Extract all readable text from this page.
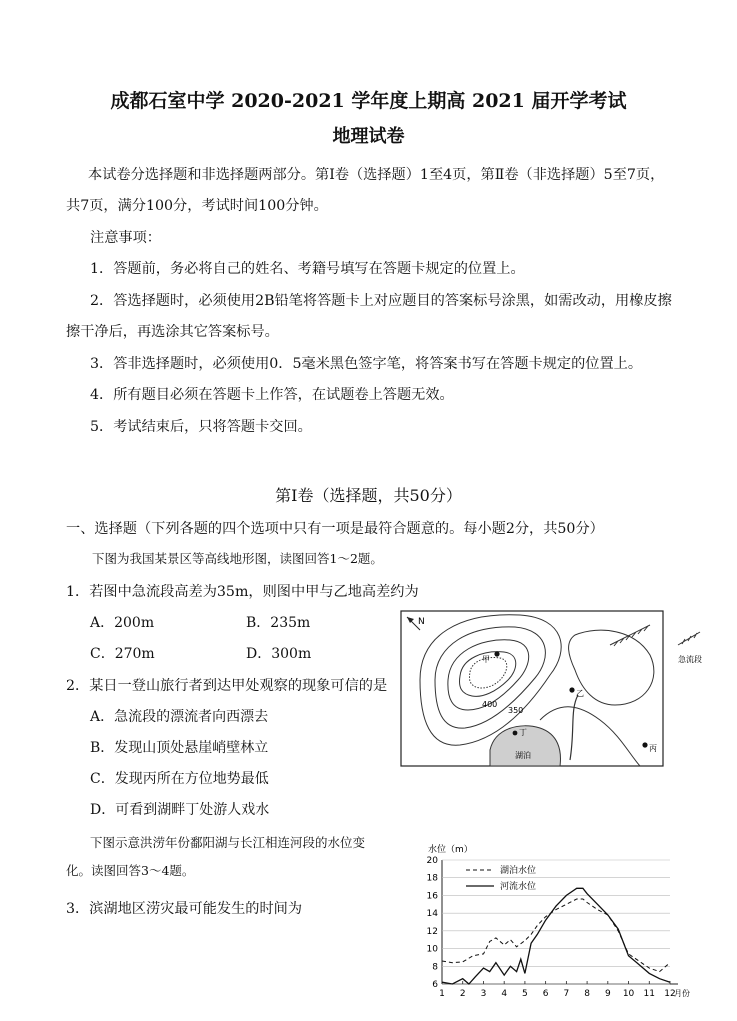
成都石室中学 2020-2021 学年度上期高 2021 届开学考试
地理试卷
本试卷分选择题和非选择题两部分。第Ⅰ卷（选择题）1至4页，第Ⅱ卷（非选择题）5至7页，
共7页，满分100分，考试时间100分钟。
注意事项：
1．答题前，务必将自己的姓名、考籍号填写在答题卡规定的位置上。
2．答选择题时，必须使用2B铅笔将答题卡上对应题目的答案标号涂黑，如需改动，用橡皮擦
擦干净后，再选涂其它答案标号。
3．答非选择题时，必须使用0．5毫米黑色签字笔，将答案书写在答题卡规定的位置上。
4．所有题目必须在答题卡上作答，在试题卷上答题无效。
5．考试结束后，只将答题卡交回。
第Ⅰ卷（选择题，共50分）
一、选择题（下列各题的四个选项中只有一项是最符合题意的。每小题2分，共50分）
下图为我国某景区等高线地形图，读图回答1～2题。
1．若图中急流段高差为35m，则图中甲与乙地高差约为
A．200m	B．235m
C．270m	D．300m
2．某日一登山旅行者到达甲处观察的现象可信的是
A．急流段的漂流者向西漂去
B．发现山顶处悬崖峭壁林立
C．发现丙所在方位地势最低
D．可看到湖畔丁处游人戏水
下图示意洪涝年份鄱阳湖与长江相连河段的水位变
化。读图回答3～4题。
3．滨湖地区涝灾最可能发生的时间为
N
急流段
湖泊
甲
乙
丁
丙
400
350
水位（m）
20
18
16
14
12
10
8
6
1 2 3 4 5 6 7 8 9 10 11 12
月份
湖泊水位
河流水位
